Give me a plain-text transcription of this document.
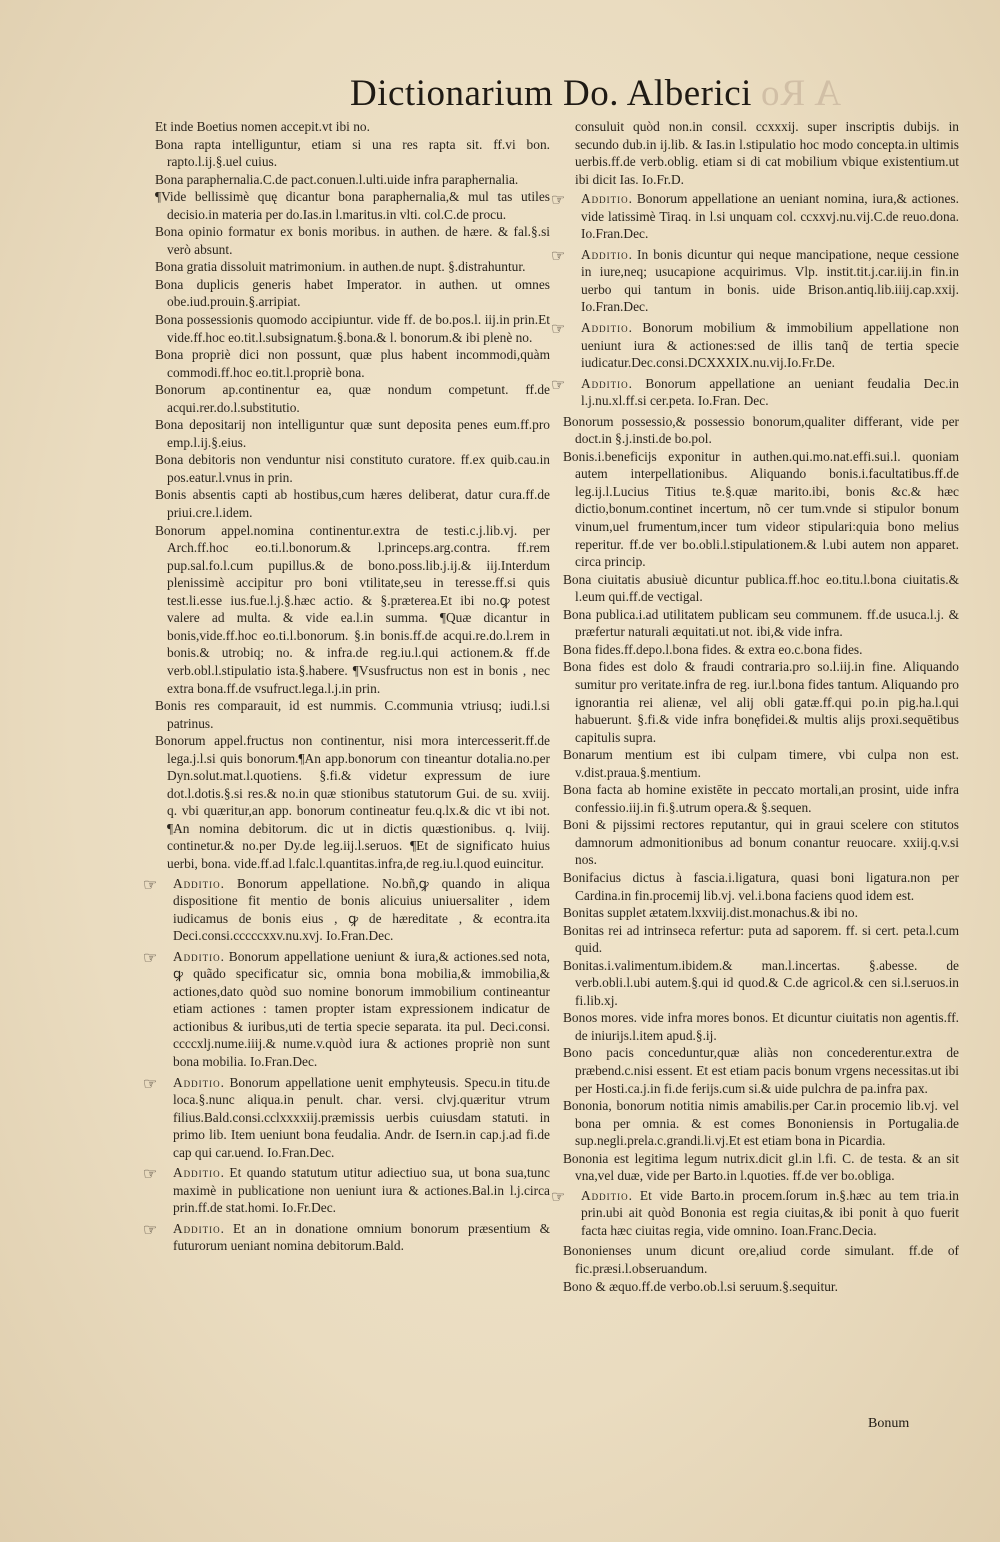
A Ro
Dictionarium Do. Alberici

Et inde Boetius nomen accepit.vt ibi no.

Bona rapta intelliguntur, etiam si una res rapta sit. ff.vi bon. rapto.l.ij.§.uel cuius.

Bona paraphernalia.C.de pact.conuen.l.ulti.uide infra paraphernalia.

¶Vide bellissimè quę dicantur bona paraphernalia,& mul tas utiles decisio.in materia per do.Ias.in l.maritus.in vlti. col.C.de procu.

Bona opinio formatur ex bonis moribus. in authen. de hære. & fal.§.si verò absunt.

Bona gratia dissoluit matrimonium. in authen.de nupt. §.distrahuntur.

Bona duplicis generis habet Imperator. in authen. ut omnes obe.iud.prouin.§.arripiat.

Bona possessionis quomodo accipiuntur. vide ff. de bo.pos.l. iij.in prin.Et vide.ff.hoc eo.tit.l.subsignatum.§.bona.& l. bonorum.& ibi plenè no.

Bona propriè dici non possunt, quæ plus habent incommodi,quàm commodi.ff.hoc eo.tit.l.propriè bona.

Bonorum ap.continentur ea, quæ nondum competunt. ff.de acqui.rer.do.l.substitutio.

Bona depositarij non intelliguntur quæ sunt deposita penes eum.ff.pro emp.l.ij.§.eius.

Bona debitoris non venduntur nisi constituto curatore. ff.ex quib.cau.in pos.eatur.l.vnus in prin.

Bonis absentis capti ab hostibus,cum hæres deliberat, datur cura.ff.de priui.cre.l.idem.

Bonorum appel.nomina continentur.extra de testi.c.j.lib.vj. per Arch.ff.hoc eo.ti.l.bonorum.& l.princeps.arg.contra. ff.rem pup.sal.fo.l.cum pupillus.& de bono.poss.lib.j.ij.& iij.Interdum plenissimè accipitur pro boni vtilitate,seu in teresse.ff.si quis test.li.esse ius.fue.l.j.§.hæc actio. & §.præterea.Et ibi no.ꝙ potest valere ad multa. & vide ea.l.in summa. ¶Quæ dicantur in bonis,vide.ff.hoc eo.ti.l.bonorum. §.in bonis.ff.de acqui.re.do.l.rem in bonis.& utrobiq; no. & infra.de reg.iu.l.qui actionem.& ff.de verb.obl.l.stipulatio ista.§.habere. ¶Vsusfructus non est in bonis , nec extra bona.ff.de vsufruct.lega.l.j.in prin.

Bonis res comparauit, id est nummis. C.communia vtriusq; iudi.l.si patrinus.

Bonorum appel.fructus non continentur, nisi mora intercesserit.ff.de lega.j.l.si quis bonorum.¶An app.bonorum con tineantur dotalia.no.per Dyn.solut.mat.l.quotiens. §.fi.& videtur expressum de iure dot.l.dotis.§.si res.& no.in quæ stionibus statutorum Gui. de su. xviij. q. vbi quæritur,an app. bonorum contineatur feu.q.lx.& dic vt ibi not. ¶An nomina debitorum. dic ut in dictis quæstionibus. q. lviij. continetur.& no.per Dy.de leg.iij.l.seruos. ¶Et de significato huius uerbi, bona. vide.ff.ad l.falc.l.quantitas.infra,de reg.iu.l.quod euincitur.

☞	Additio. Bonorum appellatione. No.bñ,ꝙ quando in aliqua dispositione fit mentio de bonis alicuius uniuersaliter , idem iudicamus de bonis eius , ꝙ de hæreditate , & econtra.ita Deci.consi.cccccxxv.nu.xvj. Io.Fran.Dec.

☞	Additio. Bonorum appellatione ueniunt & iura,& actiones.sed nota, ꝙ quãdo specificatur sic, omnia bona mobilia,& immobilia,& actiones,dato quòd suo nomine bonorum immobilium contineantur etiam actiones : tamen propter istam expressionem indicatur de actionibus & iuribus,uti de tertia specie separata. ita pul. Deci.consi. ccccxlj.nume.iiij.& nume.v.quòd iura & actiones propriè non sunt bona mobilia. Io.Fran.Dec.

☞	Additio. Bonorum appellatione uenit emphyteusis. Specu.in titu.de loca.§.nunc aliqua.in penult. char. versi. clvj.quæritur vtrum filius.Bald.consi.cclxxxxiij.præmissis uerbis cuiusdam statuti. in primo lib. Item ueniunt bona feudalia. Andr. de Isern.in cap.j.ad fi.de cap qui car.uend. Io.Fran.Dec.

☞	Additio. Et quando statutum utitur adiectiuo sua, ut bona sua,tunc maximè in publicatione non ueniunt iura & actiones.Bal.in l.j.circa prin.ff.de stat.homi. Io.Fr.Dec.

☞	Additio. Et an in donatione omnium bonorum præsentium & futurorum ueniant nomina debitorum.Bald.

consuluit quòd non.in consil. ccxxxij. super inscriptis dubijs. in secundo dub.in ij.lib. & Ias.in l.stipulatio hoc modo concepta.in ultimis uerbis.ff.de verb.oblig. etiam si di cat mobilium vbique existentium.ut ibi dicit Ias. Io.Fr.D.

☞	Additio. Bonorum appellatione an ueniant nomina, iura,& actiones. vide latissimè Tiraq. in l.si unquam col. ccxxvj.nu.vij.C.de reuo.dona. Io.Fran.Dec.

☞	Additio. In bonis dicuntur qui neque mancipatione, neque cessione in iure,neq; usucapione acquirimus. Vlp. instit.tit.j.car.iij.in fin.in uerbo qui tantum in bonis. uide Brison.antiq.lib.iiij.cap.xxij. Io.Fran.Dec.

☞	Additio. Bonorum mobilium & immobilium appellatione non ueniunt iura & actiones:sed de illis tanq̃ de tertia specie iudicatur.Dec.consi.DCXXXIX.nu.vij.Io.Fr.De.

☞	Additio. Bonorum appellatione an ueniant feudalia Dec.in l.j.nu.xl.ff.si cer.peta. Io.Fran. Dec.

Bonorum possessio,& possessio bonorum,qualiter differant, vide per doct.in §.j.insti.de bo.pol.

Bonis.i.beneficijs exponitur in authen.qui.mo.nat.effi.sui.l. quoniam autem interpellationibus. Aliquando bonis.i.facultatibus.ff.de leg.ij.l.Lucius Titius te.§.quæ marito.ibi, bonis &c.& hæc dictio,bonum.continet incertum, nõ cer tum.vnde si stipulor bonum vinum,uel frumentum,incer tum videor stipulari:quia bono melius reperitur. ff.de ver bo.obli.l.stipulationem.& l.ubi autem non apparet. circa princip.

Bona ciuitatis abusiuè dicuntur publica.ff.hoc eo.titu.l.bona ciuitatis.& l.eum qui.ff.de vectigal.

Bona publica.i.ad utilitatem publicam seu communem. ff.de usuca.l.j. & præfertur naturali æquitati.ut not. ibi,& vide infra.

Bona fides.ff.depo.l.bona fides. & extra eo.c.bona fides.

Bona fides est dolo & fraudi contraria.pro so.l.iij.in fine. Aliquando sumitur pro veritate.infra de reg. iur.l.bona fides tantum. Aliquando pro ignorantia rei alienæ, vel alij obli gatæ.ff.qui po.in pig.ha.l.qui habuerunt. §.fi.& vide infra bonęfidei.& multis alijs proxi.sequētibus capitulis supra.

Bonarum mentium est ibi culpam timere, vbi culpa non est. v.dist.praua.§.mentium.

Bona facta ab homine existēte in peccato mortali,an prosint, uide infra confessio.iij.in fi.§.utrum opera.& §.sequen.

Boni & pijssimi rectores reputantur, qui in graui scelere con stitutos damnorum admonitionibus ad bonum conantur reuocare. xxiij.q.v.si nos.

Bonifacius dictus à fascia.i.ligatura, quasi boni ligatura.non per Cardina.in fin.procemij lib.vj. vel.i.bona faciens quod idem est.

Bonitas supplet ætatem.lxxviij.dist.monachus.& ibi no.

Bonitas rei ad intrinseca refertur: puta ad saporem. ff. si cert. peta.l.cum quid.

Bonitas.i.valimentum.ibidem.& man.l.incertas. §.abesse. de verb.obli.l.ubi autem.§.qui id quod.& C.de agricol.& cen si.l.seruos.in fi.lib.xj.

Bonos mores. vide infra mores bonos. Et dicuntur ciuitatis non agentis.ff. de iniurijs.l.item apud.§.ij.

Bono pacis conceduntur,quæ aliàs non concederentur.extra de præbend.c.nisi essent. Et est etiam pacis bonum vrgens necessitas.ut ibi per Hosti.ca.j.in fi.de ferijs.cum si.& uide pulchra de pa.infra pax.

Bononia, bonorum notitia nimis amabilis.per Car.in procemio lib.vj. vel bona per omnia. & est comes Bononiensis in Portugalia.de sup.negli.prela.c.grandi.li.vj.Et est etiam bona in Picardia.

Bononia est legitima legum nutrix.dicit gl.in l.fi. C. de testa. & an sit vna,vel duæ, vide per Barto.in l.quoties. ff.de ver bo.obliga.

☞	Additio. Et vide Barto.in procem.ſorum in.§.hæc au tem tria.in prin.ubi ait quòd Bononia est regia ciuitas,& ibi ponit à quo fuerit facta hæc ciuitas regia, vide omnino. Ioan.Franc.Decia.

Bononienses unum dicunt ore,aliud corde simulant. ff.de of fic.præsi.l.obseruandum.

Bono & æquo.ff.de verbo.ob.l.si seruum.§.sequitur.

Bonum
